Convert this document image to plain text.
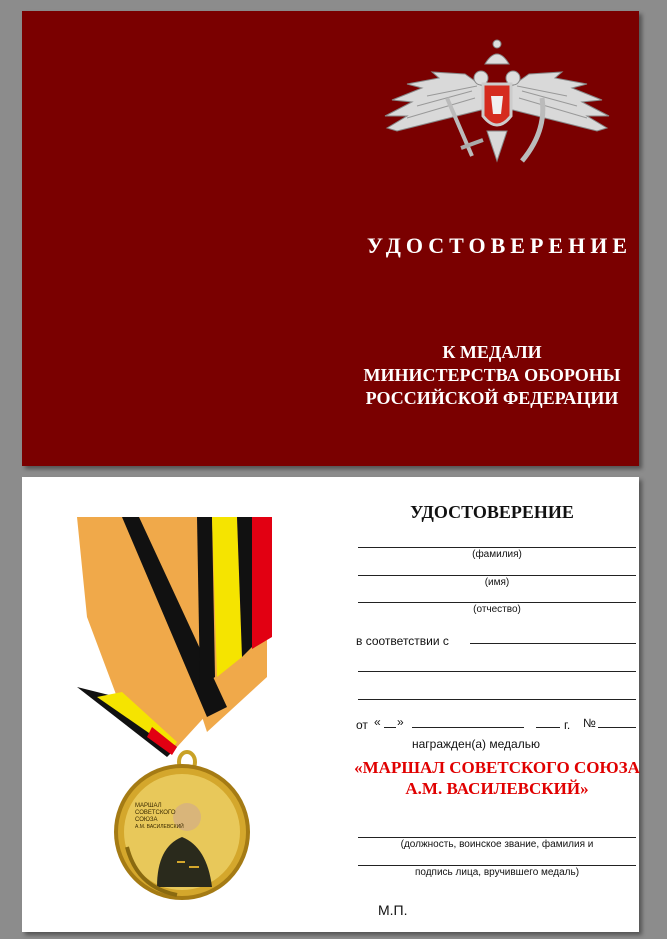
УДОСТОВЕРЕНИЕ
К МЕДАЛИ
МИНИСТЕРСТВА ОБОРОНЫ
РОССИЙСКОЙ ФЕДЕРАЦИИ
МАРШАЛ
СОВЕТСКОГО
СОЮЗА
А.М. ВАСИЛЕВСКИЙ
УДОСТОВЕРЕНИЕ
(фамилия)
(имя)
(отчество)
в соответствии с
от « »	г. №
награжден(а) медалью
«МАРШАЛ СОВЕТСКОГО СОЮЗА
А.М. ВАСИЛЕВСКИЙ»
(должность, воинское звание, фамилия и
подпись лица, вручившего медаль)
М.П.
